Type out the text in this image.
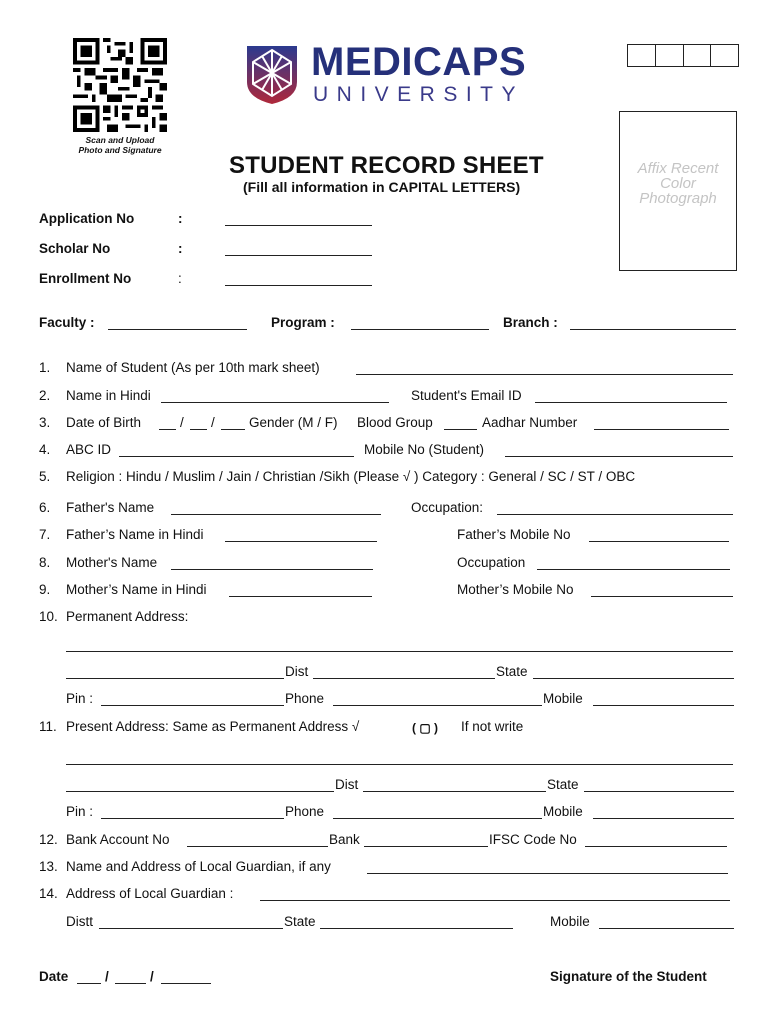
Scan and Upload
Photo and Signature
MEDICAPS
UNIVERSITY
Affix Recent
Color
Photograph
STUDENT RECORD SHEET
(Fill all information in CAPITAL LETTERS)
Application No	:
Scholar No	:
Enrollment No	:
Faculty :	Program :	Branch :
1. Name of Student (As per 10th mark sheet)
2. Name in Hindi	Student's Email ID
3. Date of Birth	/ /	Gender (M / F) Blood Group	Aadhar Number
4. ABC ID	Mobile No (Student)
5. Religion : Hindu / Muslim / Jain / Christian /Sikh (Please √ ) Category : General / SC / ST / OBC
6. Father's Name	Occupation:
7. Father’s Name in Hindi	Father’s Mobile No
8. Mother's Name	Occupation
9. Mother’s Name in Hindi	Mother’s Mobile No
10. Permanent Address:
Dist	State
Pin :	Phone	Mobile
11. Present Address: Same as Permanent Address √	( ▢ ) If not write
Dist	State
Pin :	Phone	Mobile
12. Bank Account No	Bank	IFSC Code No
13. Name and Address of Local Guardian, if any
14. Address of Local Guardian :
Distt	State	Mobile
Date	/	/	Signature of the Student
